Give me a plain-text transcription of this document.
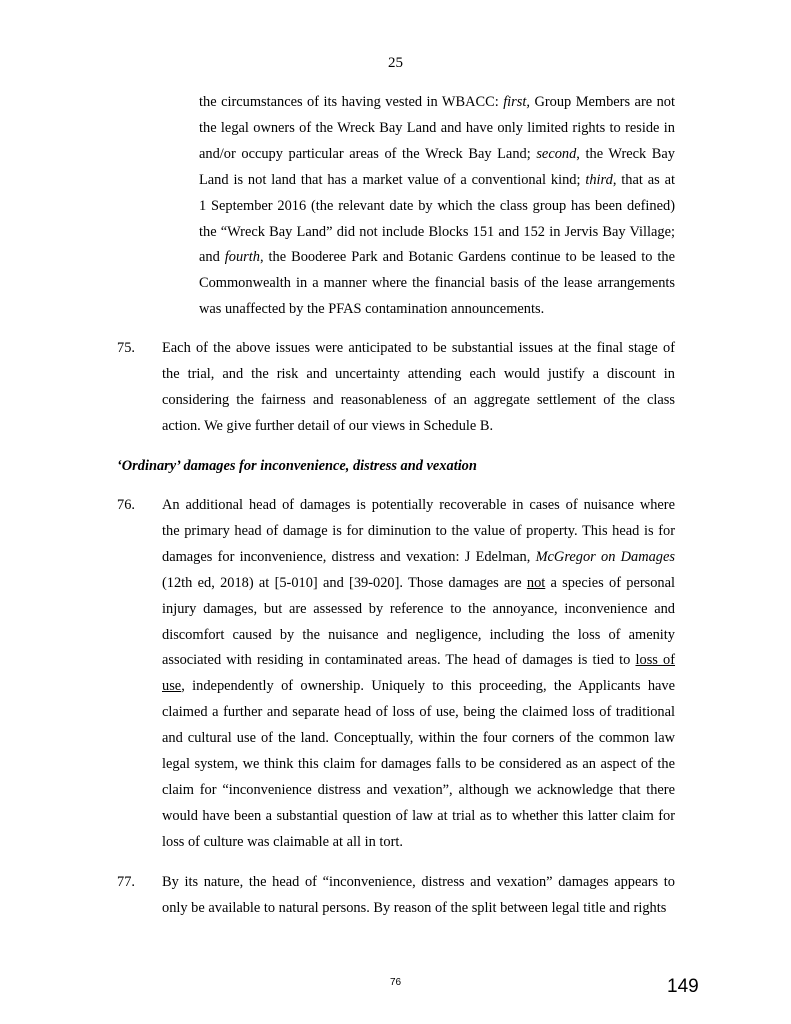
25
the circumstances of its having vested in WBACC: first, Group Members are not
the legal owners of the Wreck Bay Land and have only limited rights to reside in
and/or occupy particular areas of the Wreck Bay Land; second, the Wreck Bay
Land is not land that has a market value of a conventional kind; third, that as at
1 September 2016 (the relevant date by which the class group has been defined)
the “Wreck Bay Land” did not include Blocks 151 and 152 in Jervis Bay Village;
and fourth, the Booderee Park and Botanic Gardens continue to be leased to the
Commonwealth in a manner where the financial basis of the lease arrangements
was unaffected by the PFAS contamination announcements.
75. Each of the above issues were anticipated to be substantial issues at the final stage of
the trial, and the risk and uncertainty attending each would justify a discount in
considering the fairness and reasonableness of an aggregate settlement of the class
action. We give further detail of our views in Schedule B.
‘Ordinary’ damages for inconvenience, distress and vexation
76. An additional head of damages is potentially recoverable in cases of nuisance where
the primary head of damage is for diminution to the value of property. This head is for
damages for inconvenience, distress and vexation: J Edelman, McGregor on Damages
(12th ed, 2018) at [5-010] and [39-020]. Those damages are not a species of personal
injury damages, but are assessed by reference to the annoyance, inconvenience and
discomfort caused by the nuisance and negligence, including the loss of amenity
associated with residing in contaminated areas. The head of damages is tied to loss of
use, independently of ownership. Uniquely to this proceeding, the Applicants have
claimed a further and separate head of loss of use, being the claimed loss of traditional
and cultural use of the land. Conceptually, within the four corners of the common law
legal system, we think this claim for damages falls to be considered as an aspect of the
claim for “inconvenience distress and vexation”, although we acknowledge that there
would have been a substantial question of law at trial as to whether this latter claim for
loss of culture was claimable at all in tort.
77. By its nature, the head of “inconvenience, distress and vexation” damages appears to
only be available to natural persons. By reason of the split between legal title and rights
76	149
